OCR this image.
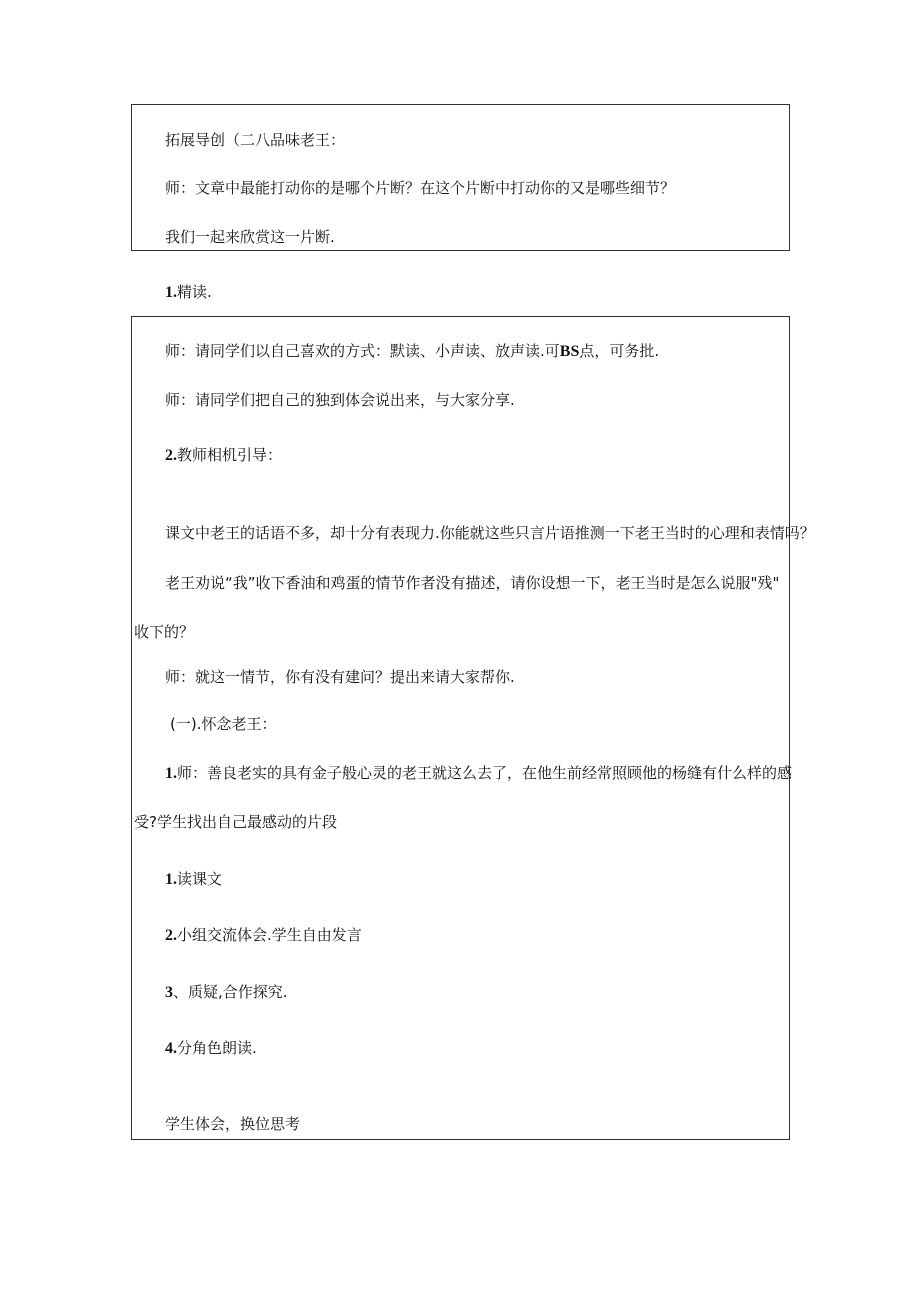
拓展导创（二八品味老王：
师：文章中最能打动你的是哪个片断？在这个片断中打动你的又是哪些细节？
我们一起来欣赏这一片断.
1.精读.
师：请同学们以自己喜欢的方式：默读、小声读、放声读.可BS点，可务批.
师：请同学们把自己的独到体会说出来，与大家分享.
2.教师相机引导：
课文中老王的话语不多，却十分有表现力.你能就这些只言片语推测一下老王当时的心理和表情吗？
老王劝说“我”收下香油和鸡蛋的情节作者没有描述，请你设想一下，老王当时是怎么说服"残"
收下的？
师：就这一情节，你有没有建问？提出来请大家帮你.
(一).怀念老王：
1.师：善良老实的具有金子般心灵的老王就这么去了，在他生前经常照顾他的杨缝有什么样的感
受?学生找出自己最感动的片段
1.读课文
2.小组交流体会.学生自由发言
3、质疑,合作探究.
4.分角色朗读.
学生体会，换位思考
